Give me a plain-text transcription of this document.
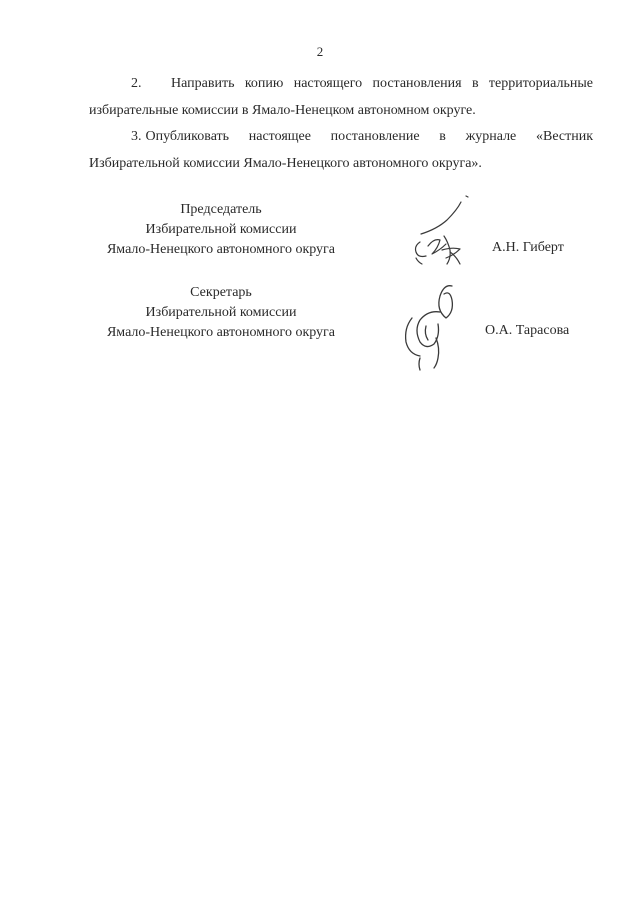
2
2. Направить копию настоящего постановления в территориальные избирательные комиссии в Ямало-Ненецком автономном округе.
3. Опубликовать настоящее постановление в журнале «Вестник Избирательной комиссии Ямало-Ненецкого автономного округа».
Председатель
Избирательной комиссии
Ямало-Ненецкого автономного округа	А.Н. Гиберт
Секретарь
Избирательной комиссии
Ямало-Ненецкого автономного округа	О.А. Тарасова
